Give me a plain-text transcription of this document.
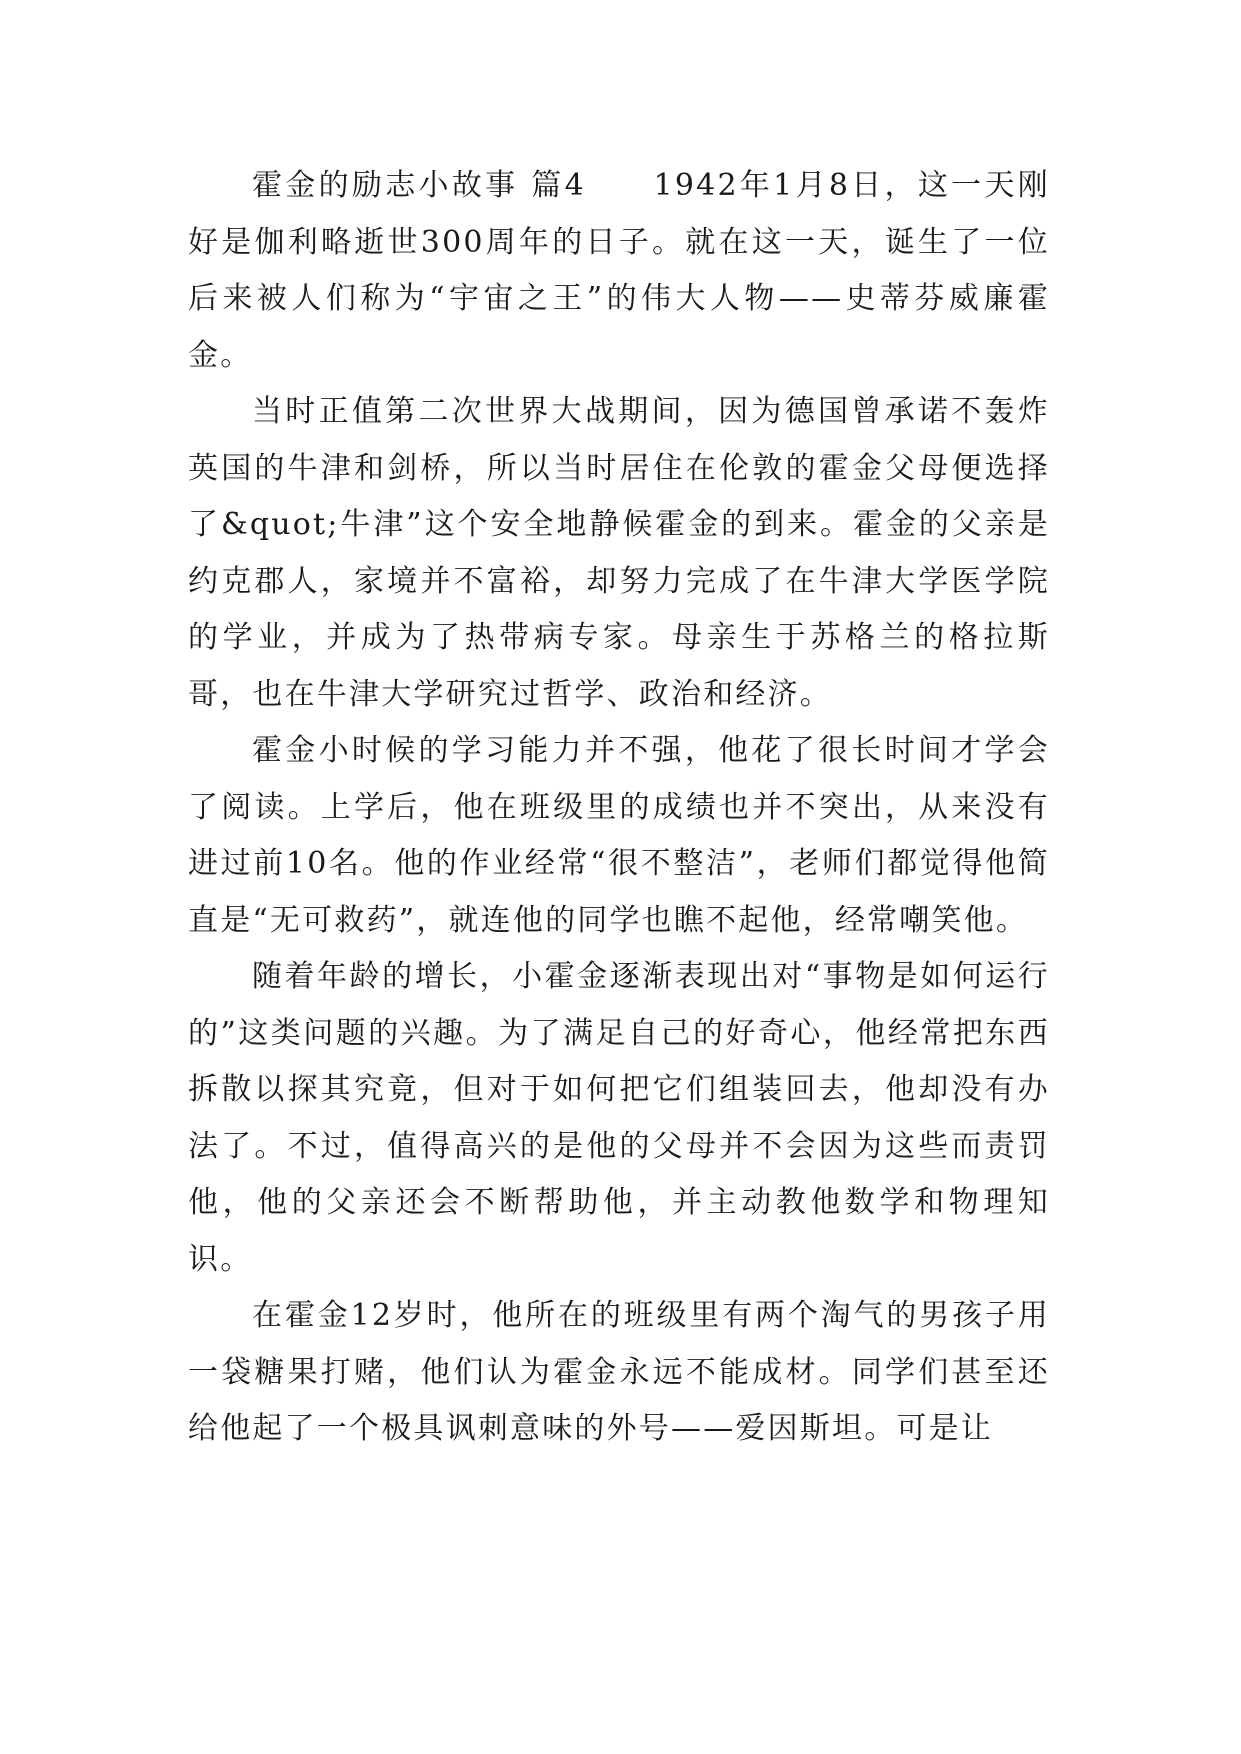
霍金的励志小故事 篇4　　1942年1月8日，这一天刚好是伽利略逝世300周年的日子。就在这一天，诞生了一位后来被人们称为“宇宙之王”的伟大人物——史蒂芬威廉霍金。

当时正值第二次世界大战期间，因为德国曾承诺不轰炸英国的牛津和剑桥，所以当时居住在伦敦的霍金父母便选择了&quot;牛津”这个安全地静候霍金的到来。霍金的父亲是约克郡人，家境并不富裕，却努力完成了在牛津大学医学院的学业，并成为了热带病专家。母亲生于苏格兰的格拉斯哥，也在牛津大学研究过哲学、政治和经济。

霍金小时候的学习能力并不强，他花了很长时间才学会了阅读。上学后，他在班级里的成绩也并不突出，从来没有进过前10名。他的作业经常“很不整洁”，老师们都觉得他简直是“无可救药”，就连他的同学也瞧不起他，经常嘲笑他。

随着年龄的增长，小霍金逐渐表现出对“事物是如何运行的”这类问题的兴趣。为了满足自己的好奇心，他经常把东西拆散以探其究竟，但对于如何把它们组装回去，他却没有办法了。不过，值得高兴的是他的父母并不会因为这些而责罚他，他的父亲还会不断帮助他，并主动教他数学和物理知识。

在霍金12岁时，他所在的班级里有两个淘气的男孩子用一袋糖果打赌，他们认为霍金永远不能成材。同学们甚至还给他起了一个极具讽刺意味的外号——爱因斯坦。可是让
